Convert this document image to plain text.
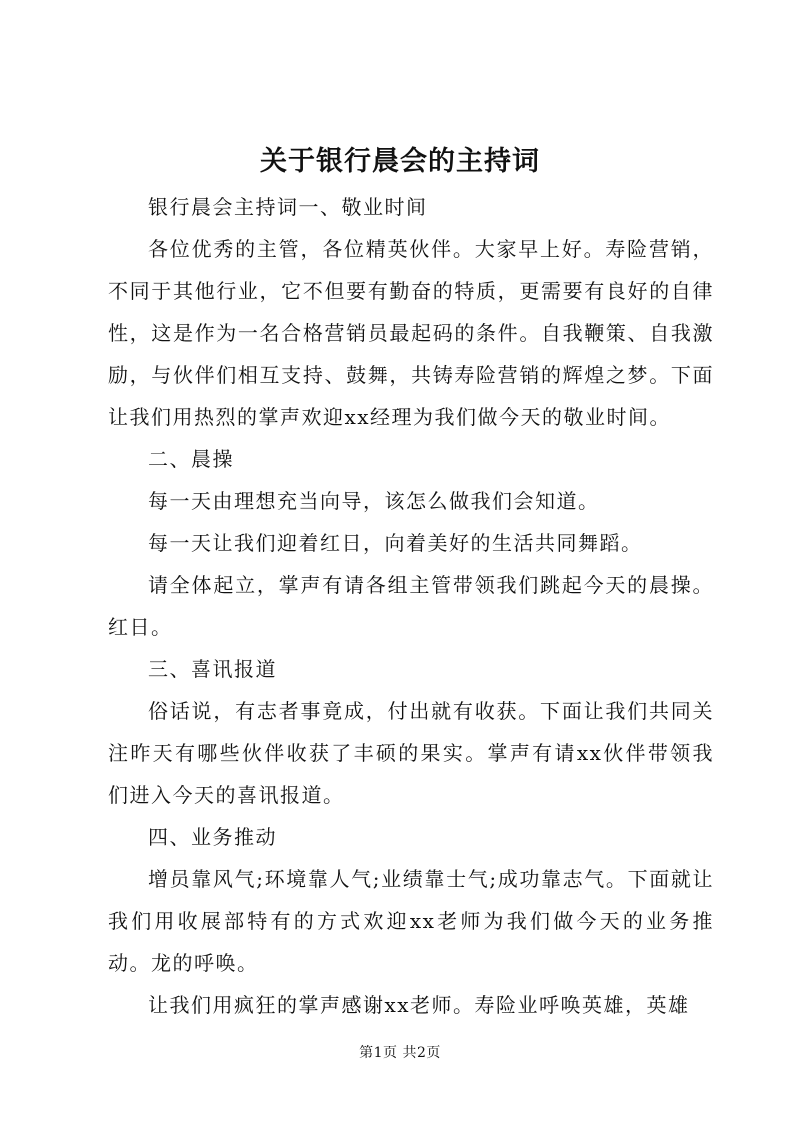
关于银行晨会的主持词

银行晨会主持词一、敬业时间

各位优秀的主管，各位精英伙伴。大家早上好。寿险营销，不同于其他行业，它不但要有勤奋的特质，更需要有良好的自律性，这是作为一名合格营销员最起码的条件。自我鞭策、自我激励，与伙伴们相互支持、鼓舞，共铸寿险营销的辉煌之梦。下面让我们用热烈的掌声欢迎xx经理为我们做今天的敬业时间。

二、晨操

每一天由理想充当向导，该怎么做我们会知道。

每一天让我们迎着红日，向着美好的生活共同舞蹈。

请全体起立，掌声有请各组主管带领我们跳起今天的晨操。红日。

三、喜讯报道

俗话说，有志者事竟成，付出就有收获。下面让我们共同关注昨天有哪些伙伴收获了丰硕的果实。掌声有请xx伙伴带领我们进入今天的喜讯报道。

四、业务推动

增员靠风气;环境靠人气;业绩靠士气;成功靠志气。下面就让我们用收展部特有的方式欢迎xx老师为我们做今天的业务推动。龙的呼唤。

让我们用疯狂的掌声感谢xx老师。寿险业呼唤英雄，英雄

第1页 共2页
